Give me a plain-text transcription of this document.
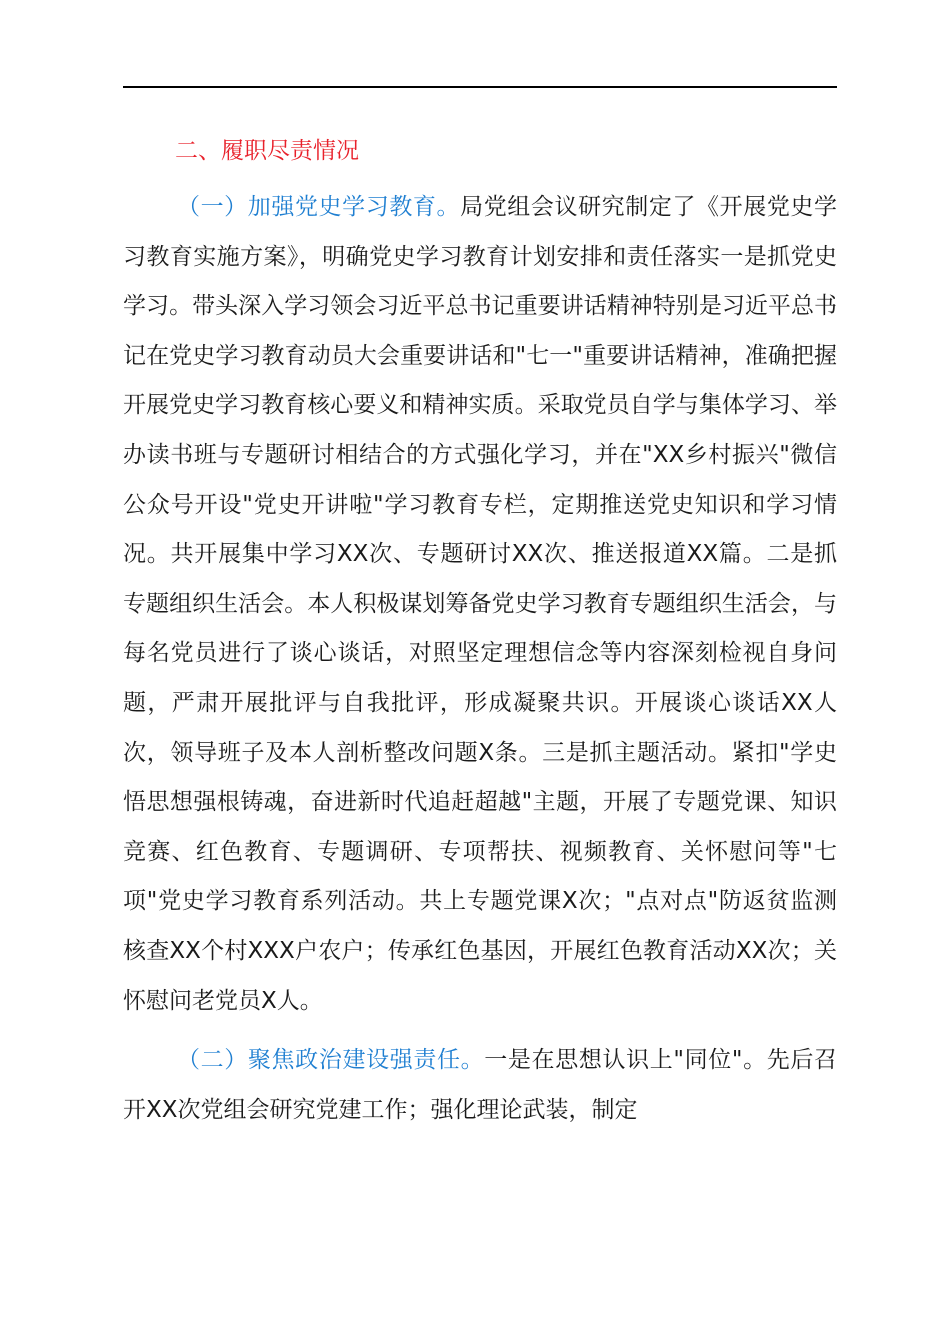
二、履职尽责情况

（一）加强党史学习教育。局党组会议研究制定了《开展党史学习教育实施方案》，明确党史学习教育计划安排和责任落实一是抓党史学习。带头深入学习领会习近平总书记重要讲话精神特别是习近平总书记在党史学习教育动员大会重要讲话和"七一"重要讲话精神，准确把握开展党史学习教育核心要义和精神实质。采取党员自学与集体学习、举办读书班与专题研讨相结合的方式强化学习，并在"XX乡村振兴"微信公众号开设"党史开讲啦"学习教育专栏，定期推送党史知识和学习情况。共开展集中学习XX次、专题研讨XX次、推送报道XX篇。二是抓专题组织生活会。本人积极谋划筹备党史学习教育专题组织生活会，与每名党员进行了谈心谈话，对照坚定理想信念等内容深刻检视自身问题，严肃开展批评与自我批评，形成凝聚共识。开展谈心谈话XX人次，领导班子及本人剖析整改问题X条。三是抓主题活动。紧扣"学史悟思想强根铸魂，奋进新时代追赶超越"主题，开展了专题党课、知识竞赛、红色教育、专题调研、专项帮扶、视频教育、关怀慰问等"七项"党史学习教育系列活动。共上专题党课X次；"点对点"防返贫监测核查XX个村XXX户农户；传承红色基因，开展红色教育活动XX次；关怀慰问老党员X人。

（二）聚焦政治建设强责任。一是在思想认识上"同位"。先后召开XX次党组会研究党建工作；强化理论武装，制定
